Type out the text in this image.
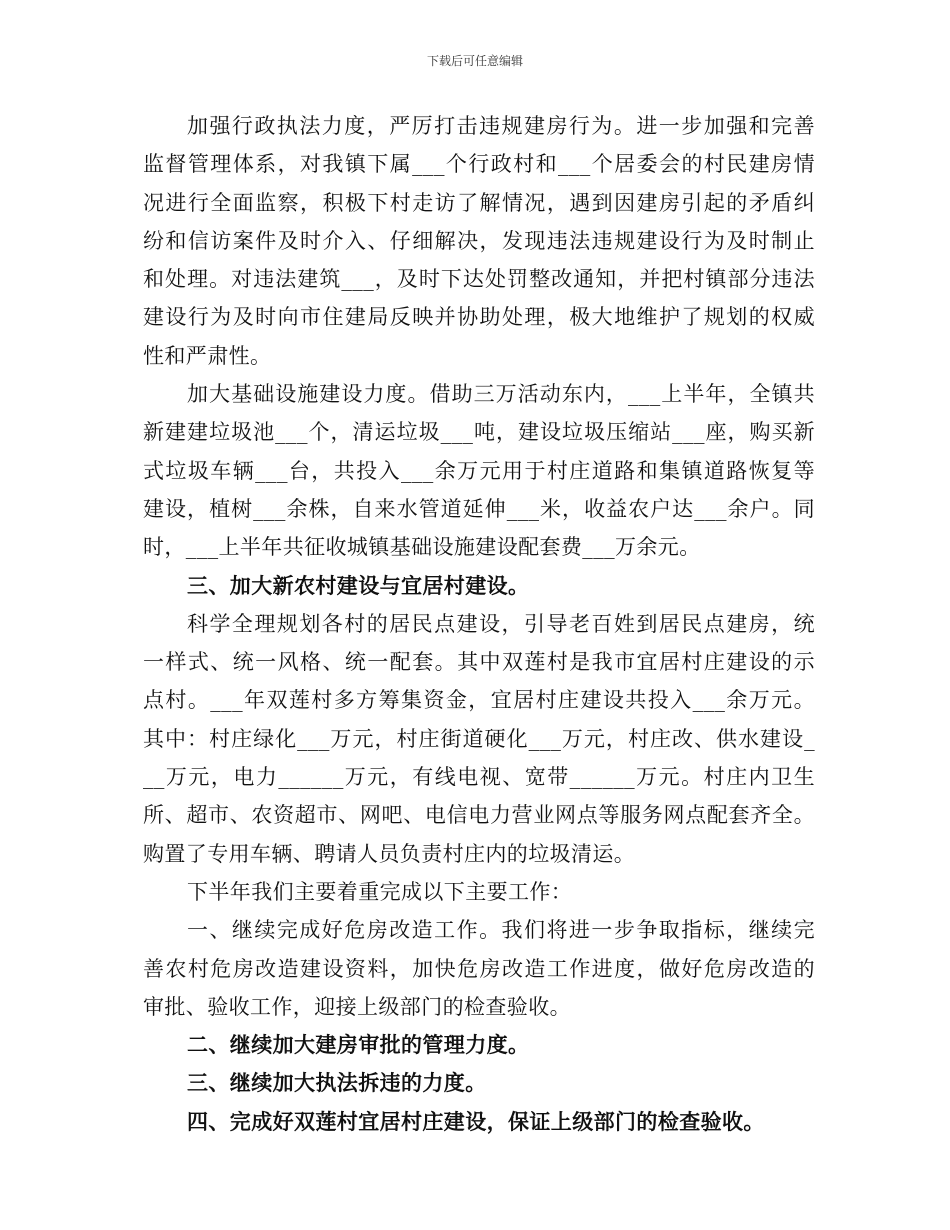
下载后可任意编辑
加强行政执法力度，严厉打击违规建房行为。进一步加强和完善
监督管理体系，对我镇下属___个行政村和___个居委会的村民建房情
况进行全面监察，积极下村走访了解情况，遇到因建房引起的矛盾纠
纷和信访案件及时介入、仔细解决，发现违法违规建设行为及时制止
和处理。对违法建筑___，及时下达处罚整改通知，并把村镇部分违法
建设行为及时向市住建局反映并协助处理，极大地维护了规划的权威
性和严肃性。
加大基础设施建设力度。借助三万活动东内，___上半年，全镇共
新建建垃圾池___个，清运垃圾___吨，建设垃圾压缩站___座，购买新
式垃圾车辆___台，共投入___余万元用于村庄道路和集镇道路恢复等
建设，植树___余株，自来水管道延伸___米，收益农户达___余户。同
时，___上半年共征收城镇基础设施建设配套费___万余元。
三、加大新农村建设与宜居村建设。
科学全理规划各村的居民点建设，引导老百姓到居民点建房，统
一样式、统一风格、统一配套。其中双莲村是我市宜居村庄建设的示
点村。___年双莲村多方筹集资金，宜居村庄建设共投入___余万元。
其中：村庄绿化___万元，村庄街道硬化___万元，村庄改、供水建设_
__万元，电力______万元，有线电视、宽带______万元。村庄内卫生
所、超市、农资超市、网吧、电信电力营业网点等服务网点配套齐全。
购置了专用车辆、聘请人员负责村庄内的垃圾清运。
下半年我们主要着重完成以下主要工作：
一、继续完成好危房改造工作。我们将进一步争取指标，继续完
善农村危房改造建设资料，加快危房改造工作进度，做好危房改造的
审批、验收工作，迎接上级部门的检查验收。
二、继续加大建房审批的管理力度。
三、继续加大执法拆违的力度。
四、完成好双莲村宜居村庄建设，保证上级部门的检查验收。
